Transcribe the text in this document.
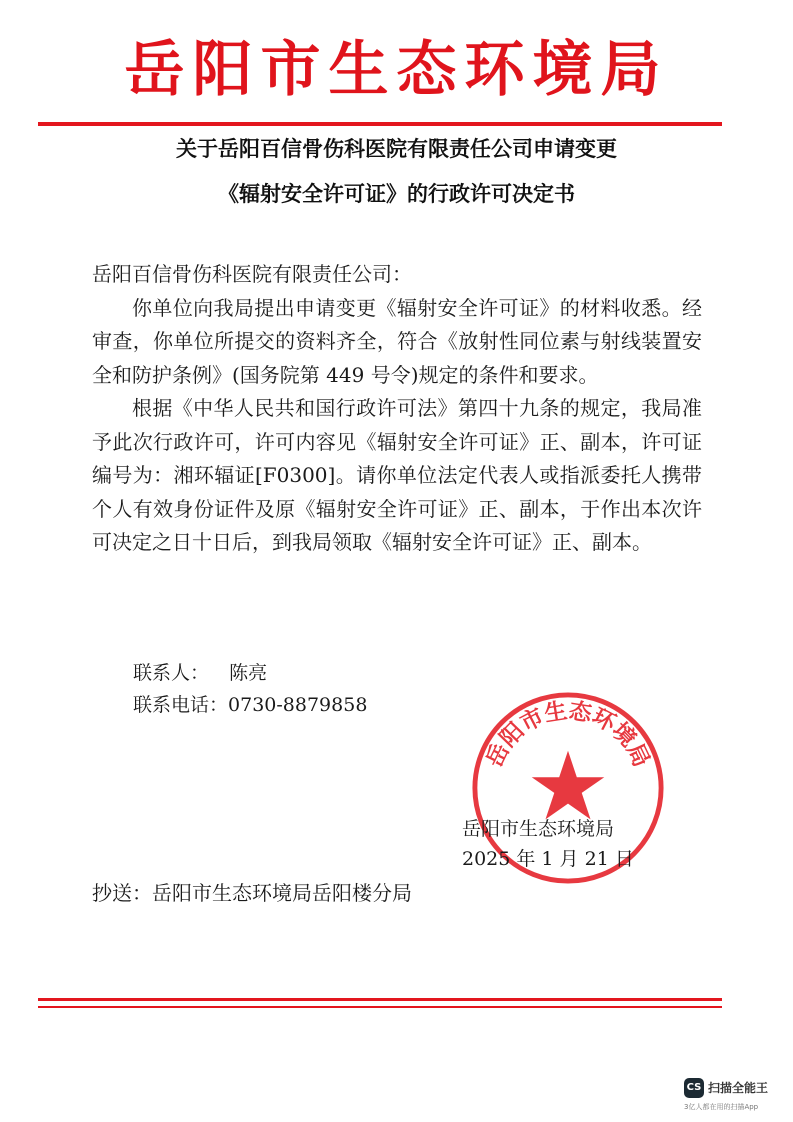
岳阳市生态环境局
关于岳阳百信骨伤科医院有限责任公司申请变更
《辐射安全许可证》的行政许可决定书

岳阳百信骨伤科医院有限责任公司：

你单位向我局提出申请变更《辐射安全许可证》的材料收悉。经审查，你单位所提交的资料齐全，符合《放射性同位素与射线装置安全和防护条例》(国务院第 449 号令)规定的条件和要求。

根据《中华人民共和国行政许可法》第四十九条的规定，我局准予此次行政许可，许可内容见《辐射安全许可证》正、副本，许可证编号为：湘环辐证[F0300]。请你单位法定代表人或指派委托人携带个人有效身份证件及原《辐射安全许可证》正、副本，于作出本次许可决定之日十日后，到我局领取《辐射安全许可证》正、副本。

联系人： 陈亮
联系电话：0730-8879858
岳阳市生态环境局
岳阳市生态环境局
2025 年 1 月 21 日
抄送：岳阳市生态环境局岳阳楼分局
CS 扫描全能王
3亿人都在用的扫描App
